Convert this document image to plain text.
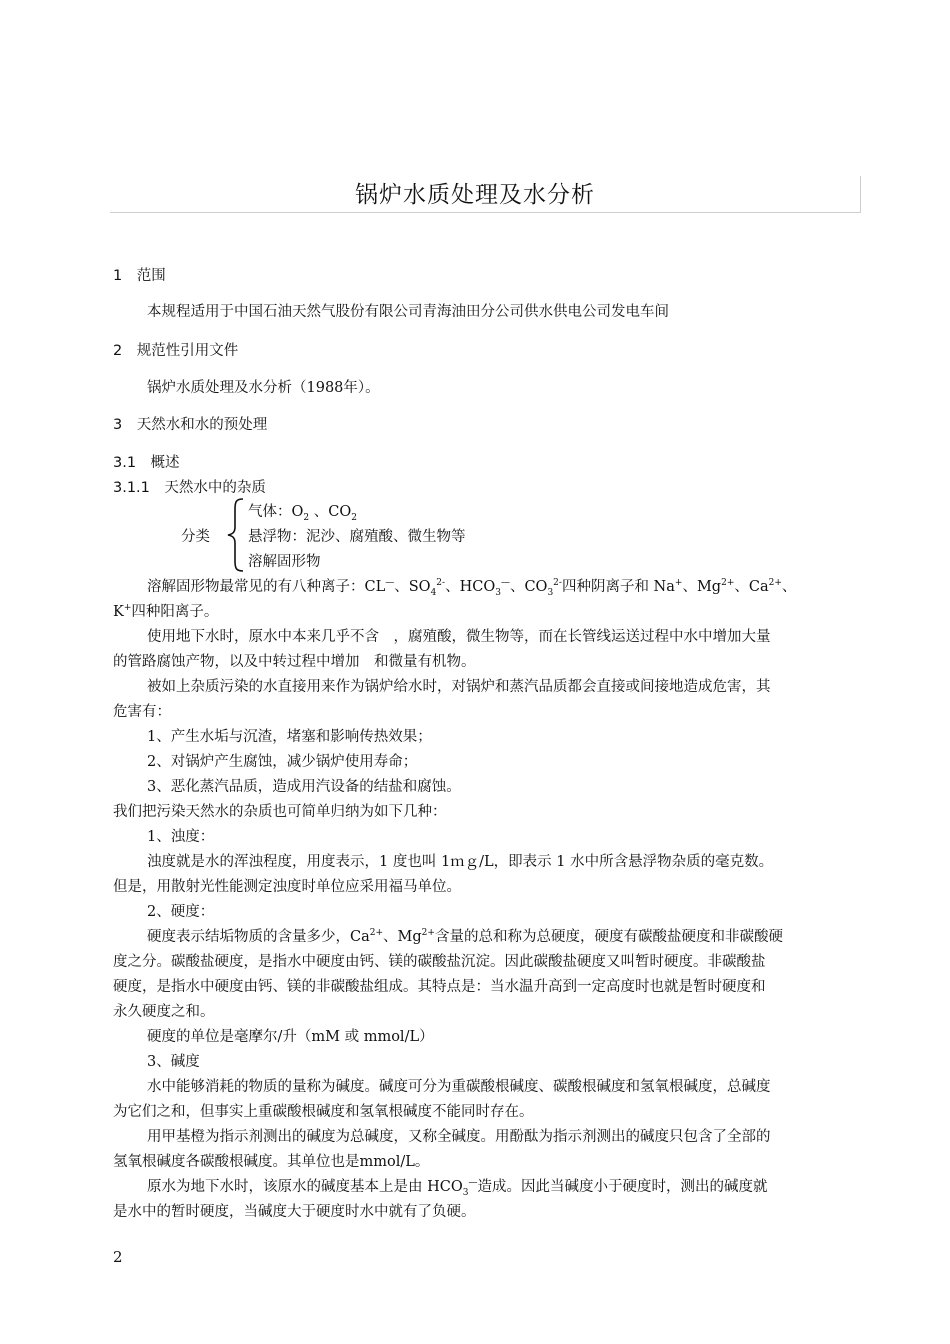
锅炉水质处理及水分析
1　范围
本规程适用于中国石油天然气股份有限公司青海油田分公司供水供电公司发电车间
2　规范性引用文件
锅炉水质处理及水分析（1988年）。
3　天然水和水的预处理
3.1　概述
3.1.1　天然水中的杂质
分类
气体：$O_2$ 、$CO_2$
悬浮物：泥沙、腐殖酸、微生物等
溶解固形物
溶解固形物最常见的有八种离子：CL—、$SO_4^{2-}$、$HCO_3^—$、$CO_3^{2-}$四种阴离子和 Na+、$Mg^{2+}$、$Ca^{2+}$、
K+四种阳离子。
使用地下水时，原水中本来几乎不含　，腐殖酸，微生物等，而在长管线运送过程中水中增加大量
的管路腐蚀产物，以及中转过程中增加　和微量有机物。
被如上杂质污染的水直接用来作为锅炉给水时，对锅炉和蒸汽品质都会直接或间接地造成危害，其
危害有：
1、产生水垢与沉渣，堵塞和影响传热效果；
2、对锅炉产生腐蚀，减少锅炉使用寿命；
3、恶化蒸汽品质，造成用汽设备的结盐和腐蚀。
我们把污染天然水的杂质也可简单归纳为如下几种：
1、浊度：
浊度就是水的浑浊程度，用度表示，1 度也叫 1ｍｇ/L，即表示 1 水中所含悬浮物杂质的毫克数。
但是，用散射光性能测定浊度时单位应采用福马单位。
2、硬度：
硬度表示结垢物质的含量多少，$Ca^{2+}$、$Mg^{2+}$含量的总和称为总硬度，硬度有碳酸盐硬度和非碳酸硬
度之分。碳酸盐硬度，是指水中硬度由钙、镁的碳酸盐沉淀。因此碳酸盐硬度又叫暂时硬度。非碳酸盐
硬度，是指水中硬度由钙、镁的非碳酸盐组成。其特点是：当水温升高到一定高度时也就是暂时硬度和
永久硬度之和。
硬度的单位是毫摩尔/升（mM 或 mmol/L）
3、碱度
水中能够消耗的物质的量称为碱度。碱度可分为重碳酸根碱度、碳酸根碱度和氢氧根碱度，总碱度
为它们之和，但事实上重碳酸根碱度和氢氧根碱度不能同时存在。
用甲基橙为指示剂测出的碱度为总碱度，又称全碱度。用酚酞为指示剂测出的碱度只包含了全部的
氢氧根碱度各碳酸根碱度。其单位也是mmol/L。
原水为地下水时，该原水的碱度基本上是由 $HCO_3^—$造成。因此当碱度小于硬度时，测出的碱度就
是水中的暂时硬度，当碱度大于硬度时水中就有了负硬。
2
